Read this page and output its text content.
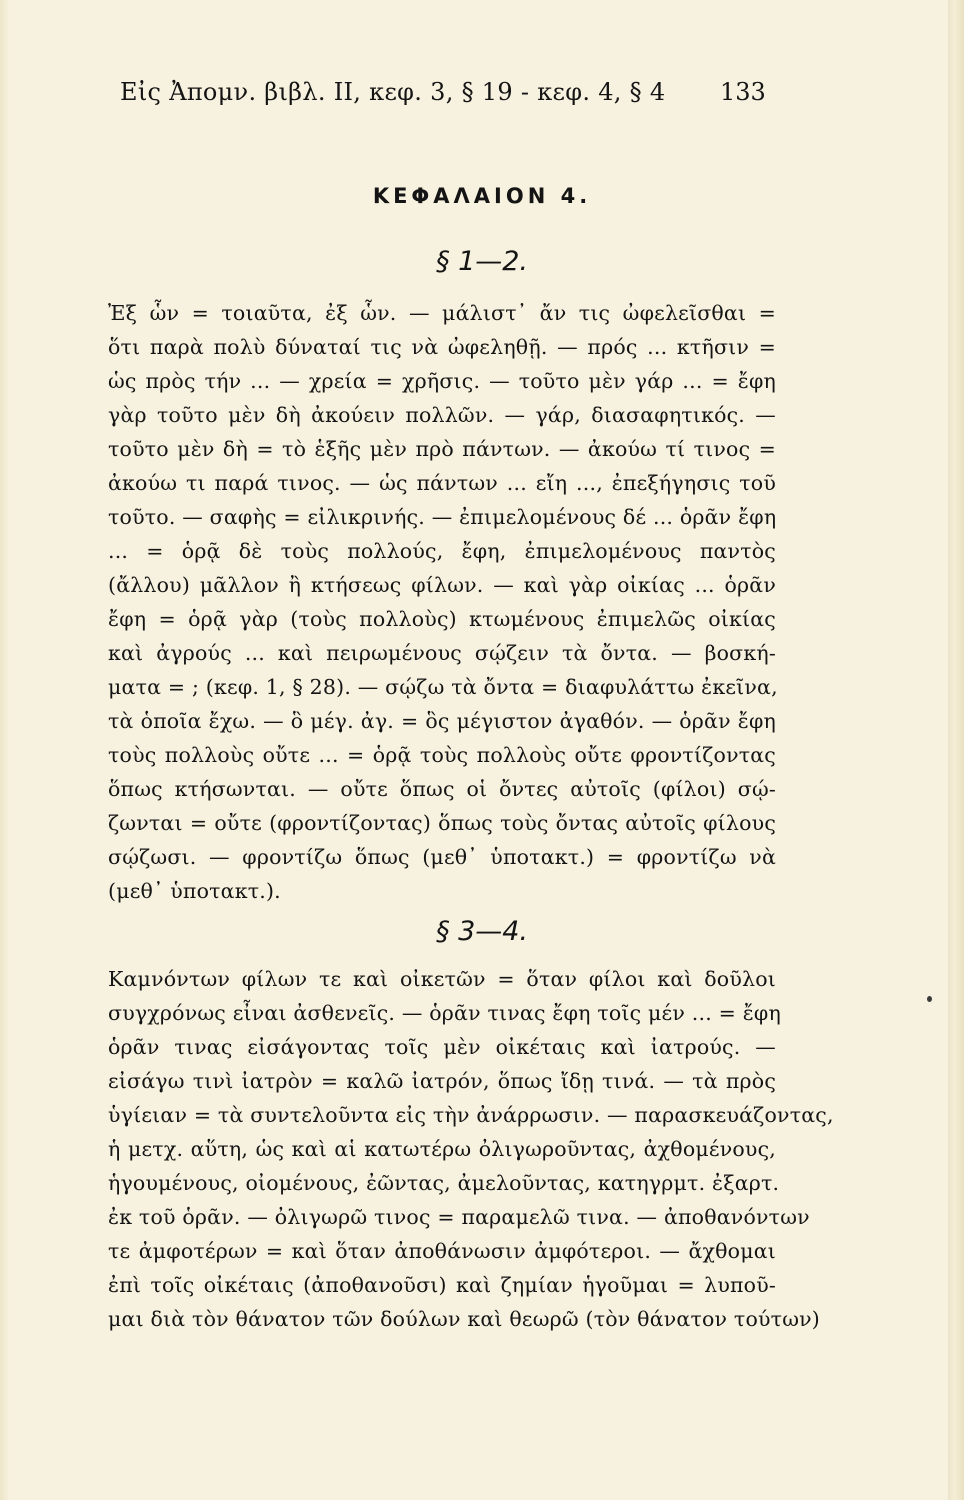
Εἰς Ἀπομν. βιβλ. ΙΙ, κεφ. 3, § 19 - κεφ. 4, § 4 133
ΚΕΦΑΛΑΙΟΝ 4.
§ 1—2.
Ἐξ ὧν = τοιαῦτα, ἐξ ὧν. — μάλιστ᾽ ἄν τις ὠφελεῖσθαι =
ὅτι παρὰ πολὺ δύναταί τις νὰ ὠφεληθῇ. — πρός ... κτῆσιν =
ὡς πρὸς τήν ... — χρεία = χρῆσις. — τοῦτο μὲν γάρ ... = ἔφη
γὰρ τοῦτο μὲν δὴ ἀκούειν πολλῶν. — γάρ, διασαφητικός. —
τοῦτο μὲν δὴ = τὸ ἑξῆς μὲν πρὸ πάντων. — ἀκούω τί τινος =
ἀκούω τι παρά τινος. — ὡς πάντων ... εἴη ..., ἐπεξήγησις τοῦ
τοῦτο. — σαφὴς = εἰλικρινής. — ἐπιμελομένους δέ ... ὁρᾶν ἔφη
... = ὁρᾷ δὲ τοὺς πολλούς, ἔφη, ἐπιμελομένους παντὸς
(ἄλλου) μᾶλλον ἢ κτήσεως φίλων. — καὶ γὰρ οἰκίας ... ὁρᾶν
ἔφη = ὁρᾷ γὰρ (τοὺς πολλοὺς) κτωμένους ἐπιμελῶς οἰκίας
καὶ ἀγρούς ... καὶ πειρωμένους σῴζειν τὰ ὄντα. — βοσκή-
ματα = ; (κεφ. 1, § 28). — σῴζω τὰ ὄντα = διαφυλάττω ἐκεῖνα,
τὰ ὁποῖα ἔχω. — ὃ μέγ. ἀγ. = ὃς μέγιστον ἀγαθόν. — ὁρᾶν ἔφη
τοὺς πολλοὺς οὔτε ... = ὁρᾷ τοὺς πολλοὺς οὔτε φροντίζοντας
ὅπως κτήσωνται. — οὔτε ὅπως οἱ ὄντες αὐτοῖς (φίλοι) σῴ-
ζωνται = οὔτε (φροντίζοντας) ὅπως τοὺς ὄντας αὐτοῖς φίλους
σῴζωσι. — φροντίζω ὅπως (μεθ᾽ ὑποτακτ.) = φροντίζω νὰ
(μεθ᾽ ὑποτακτ.).
§ 3—4.
Καμνόντων φίλων τε καὶ οἰκετῶν = ὅταν φίλοι καὶ δοῦλοι
συγχρόνως εἶναι ἀσθενεῖς. — ὁρᾶν τινας ἔφη τοῖς μέν ... = ἔφη
ὁρᾶν τινας εἰσάγοντας τοῖς μὲν οἰκέταις καὶ ἰατρούς. —
εἰσάγω τινὶ ἰατρὸν = καλῶ ἰατρόν, ὅπως ἴδῃ τινά. — τὰ πρὸς
ὑγίειαν = τὰ συντελοῦντα εἰς τὴν ἀνάρρωσιν. — παρασκευάζοντας,
ἡ μετχ. αὕτη, ὡς καὶ αἱ κατωτέρω ὀλιγωροῦντας, ἀχθομένους,
ἡγουμένους, οἰομένους, ἐῶντας, ἀμελοῦντας, κατηγρμτ. ἐξαρτ.
ἐκ τοῦ ὁρᾶν. — ὀλιγωρῶ τινος = παραμελῶ τινα. — ἀποθανόντων
τε ἀμφοτέρων = καὶ ὅταν ἀποθάνωσιν ἀμφότεροι. — ἄχθομαι
ἐπὶ τοῖς οἰκέταις (ἀποθανοῦσι) καὶ ζημίαν ἡγοῦμαι = λυποῦ-
μαι διὰ τὸν θάνατον τῶν δούλων καὶ θεωρῶ (τὸν θάνατον τούτων)
